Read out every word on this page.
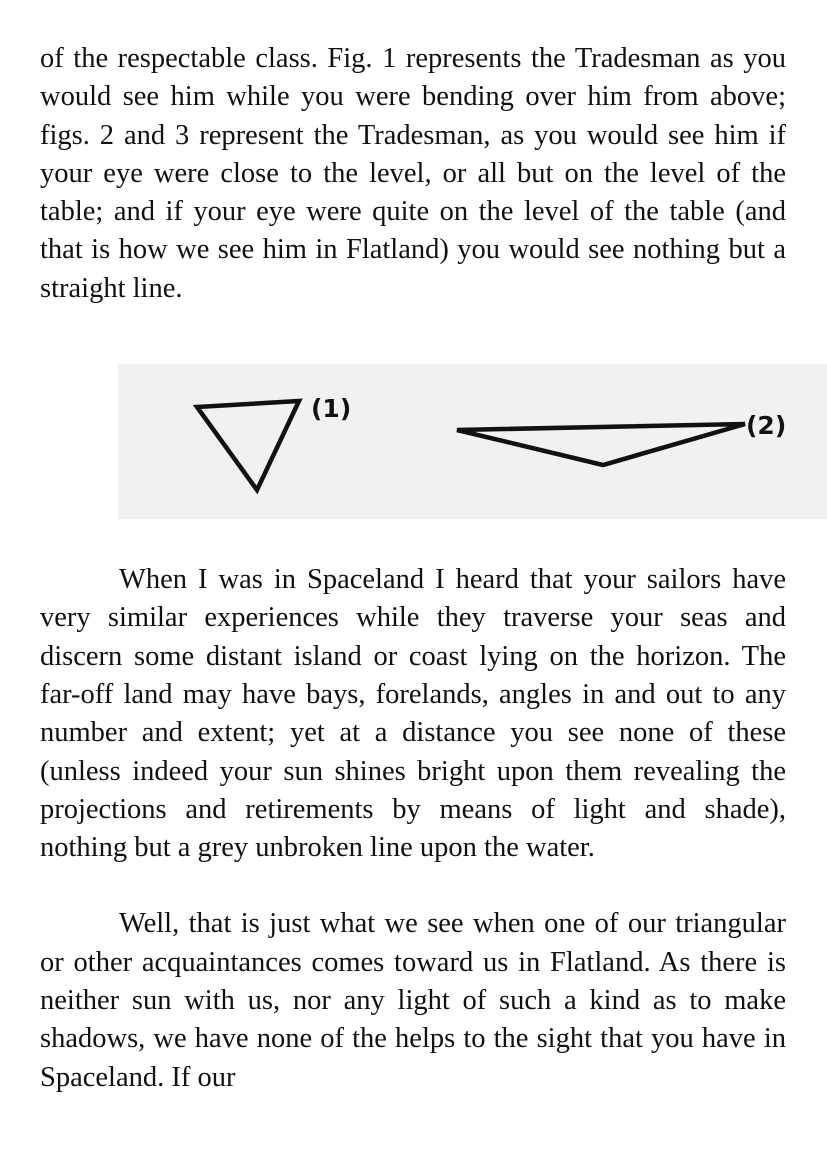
of the respectable class. Fig. 1 represents the Tradesman as you would see him while you were bending over him from above; figs. 2 and 3 represent the Tradesman, as you would see him if your eye were close to the level, or all but on the level of the table; and if your eye were quite on the level of the table (and that is how we see him in Flatland) you would see nothing but a straight line.

(1)
(2)

When I was in Spaceland I heard that your sailors have very similar experiences while they traverse your seas and discern some distant island or coast lying on the horizon. The far-off land may have bays, forelands, angles in and out to any number and extent; yet at a distance you see none of these (unless indeed your sun shines bright upon them revealing the projections and retirements by means of light and shade), nothing but a grey unbroken line upon the water.

Well, that is just what we see when one of our triangular or other acquaintances comes toward us in Flatland. As there is neither sun with us, nor any light of such a kind as to make shadows, we have none of the helps to the sight that you have in Spaceland. If our
